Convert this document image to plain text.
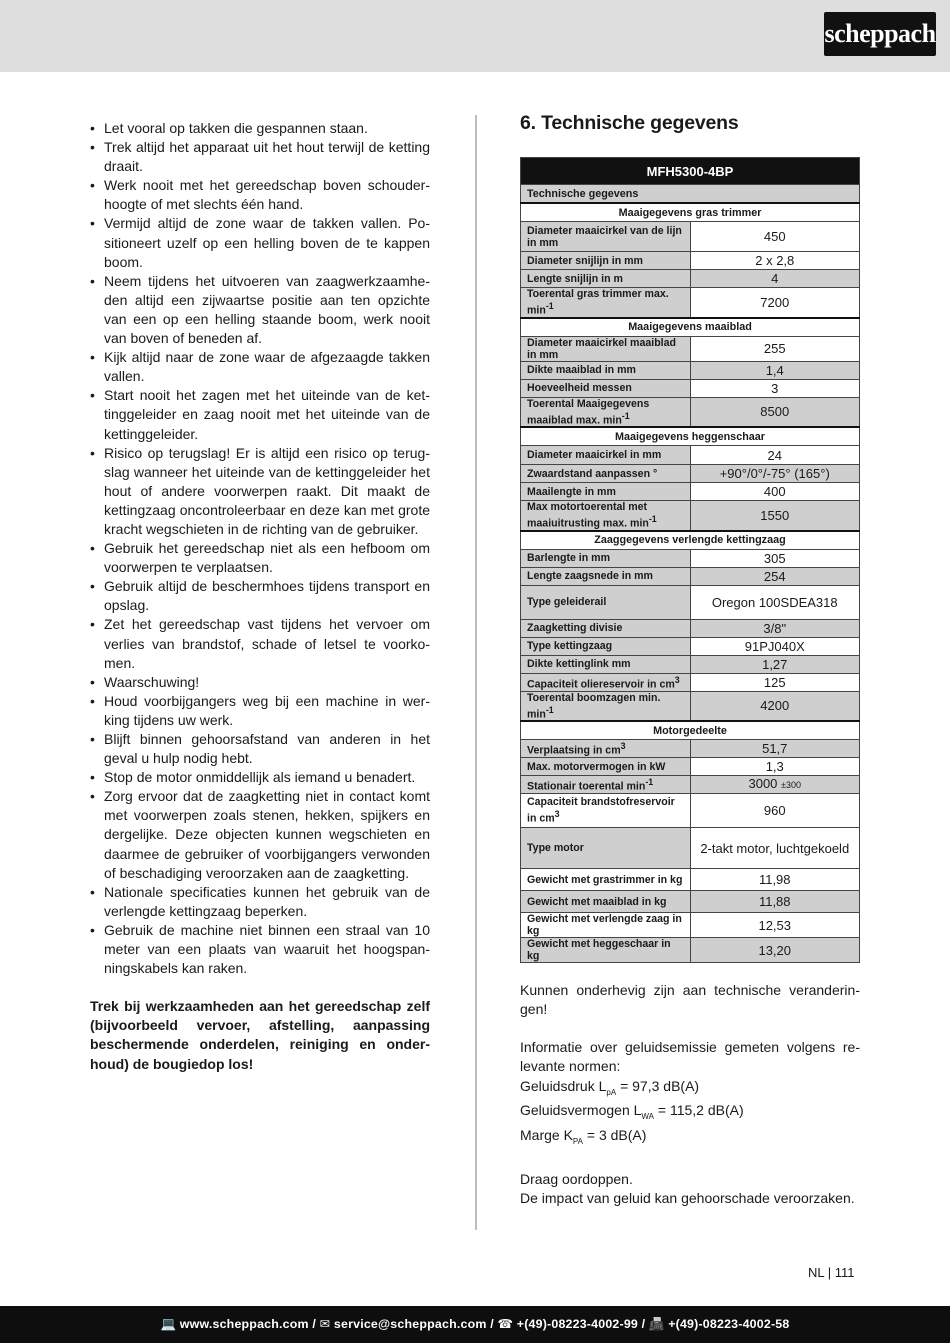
scheppach
• Let vooral op takken die gespannen staan.
• Trek altijd het apparaat uit het hout terwijl de ketting draait.
• Werk nooit met het gereedschap boven schouderhoogte of met slechts één hand.
• Vermijd altijd de zone waar de takken vallen. Positioneert uzelf op een helling boven de te kappen boom.
• Neem tijdens het uitvoeren van zaagwerkzaamheden altijd een zijwaartse positie aan ten opzichte van een op een helling staande boom, werk nooit van boven of beneden af.
• Kijk altijd naar de zone waar de afgezaagde takken vallen.
• Start nooit het zagen met het uiteinde van de kettinggeleider en zaag nooit met het uiteinde van de kettinggeleider.
• Risico op terugslag! Er is altijd een risico op terugslag wanneer het uiteinde van de kettinggeleider het hout of andere voorwerpen raakt. Dit maakt de kettingzaag oncontroleerbaar en deze kan met grote kracht wegschieten in de richting van de gebruiker.
• Gebruik het gereedschap niet als een hefboom om voorwerpen te verplaatsen.
• Gebruik altijd de beschermhoes tijdens transport en opslag.
• Zet het gereedschap vast tijdens het vervoer om verlies van brandstof, schade of letsel te voorkomen.
• Waarschuwing!
• Houd voorbijgangers weg bij een machine in werking tijdens uw werk.
• Blijft binnen gehoorsafstand van anderen in het geval u hulp nodig hebt.
• Stop de motor onmiddellijk als iemand u benadert.
• Zorg ervoor dat de zaagketting niet in contact komt met voorwerpen zoals stenen, hekken, spijkers en dergelijke. Deze objecten kunnen wegschieten en daarmee de gebruiker of voorbijgangers verwonden of beschadiging veroorzaken aan de zaagketting.
• Nationale specificaties kunnen het gebruik van de verlengde kettingzaag beperken.
• Gebruik de machine niet binnen een straal van 10 meter van een plaats van waaruit het hoogspanningskabels kan raken.
Trek bij werkzaamheden aan het gereedschap zelf (bijvoorbeeld vervoer, afstelling, aanpassing beschermende onderdelen, reiniging en onderhoud) de bougiedop los!
6. Technische gegevens
MFH5300-4BP	
Technische gegevens	
Maaigegevens gras trimmer	
Diameter maaicirkel van de lijn in mm	450
Diameter snijlijn in mm	2 x 2,8
Lengte snijlijn in m	4
Toerental gras trimmer max. $\min^{-1}$	7200
Maaigegevens maaiblad	
Diameter maaicirkel maaiblad in mm	255
Dikte maaiblad in mm	1,4
Hoeveelheid messen	3
Toerental Maaigegevens maaiblad max. $\min^{-1}$	8500
Maaigegevens heggenschaar	
Diameter maaicirkel in mm	24
Zwaardstand aanpassen °	+90°/0°/-75° (165°)
Maailengte in mm	400
Max motortoerental met maaiuitrusting max. $\min^{-1}$	1550
Zaaggegevens verlengde kettingzaag	
Barlengte in mm	305
Lengte zaagsnede in mm	254
Type geleiderail	Oregon 100SDEA318
Zaagketting divisie	3/8"
Type kettingzaag	91PJ040X
Dikte kettinglink mm	1,27
Capaciteit oliereservoir in $cm^3$	125
Toerental boomzagen min. $\min^{-1}$	4200
Motorgedeelte	
Verplaatsing in $cm^3$	51,7
Max. motorvermogen in kW	1,3
Stationair toerental $\min^{-1}$	3000 ±300
Capaciteit brandstofreservoir in $cm^3$	960
Type motor	2-takt motor, luchtgekoeld
Gewicht met grastrimmer in kg	11,98
Gewicht met maaiblad in kg	11,88
Gewicht met verlengde zaag in kg	12,53
Gewicht met heggeschaar in kg	13,20

Kunnen onderhevig zijn aan technische veranderingen!

Informatie over geluidsemissie gemeten volgens relevante normen:

Geluidsdruk $L_{pA} = 97,3$ dB(A)

Geluidsvermogen $L_{WA} = 115,2$ dB(A)

Marge $K_{PA} = 3$ dB(A)

Draag oordoppen.

De impact van geluid kan gehoorschade veroorzaken.

NL | 111
💻 www.scheppach.com / ✉ service@scheppach.com / ☎ +(49)-08223-4002-99 / 📠 +(49)-08223-4002-58
